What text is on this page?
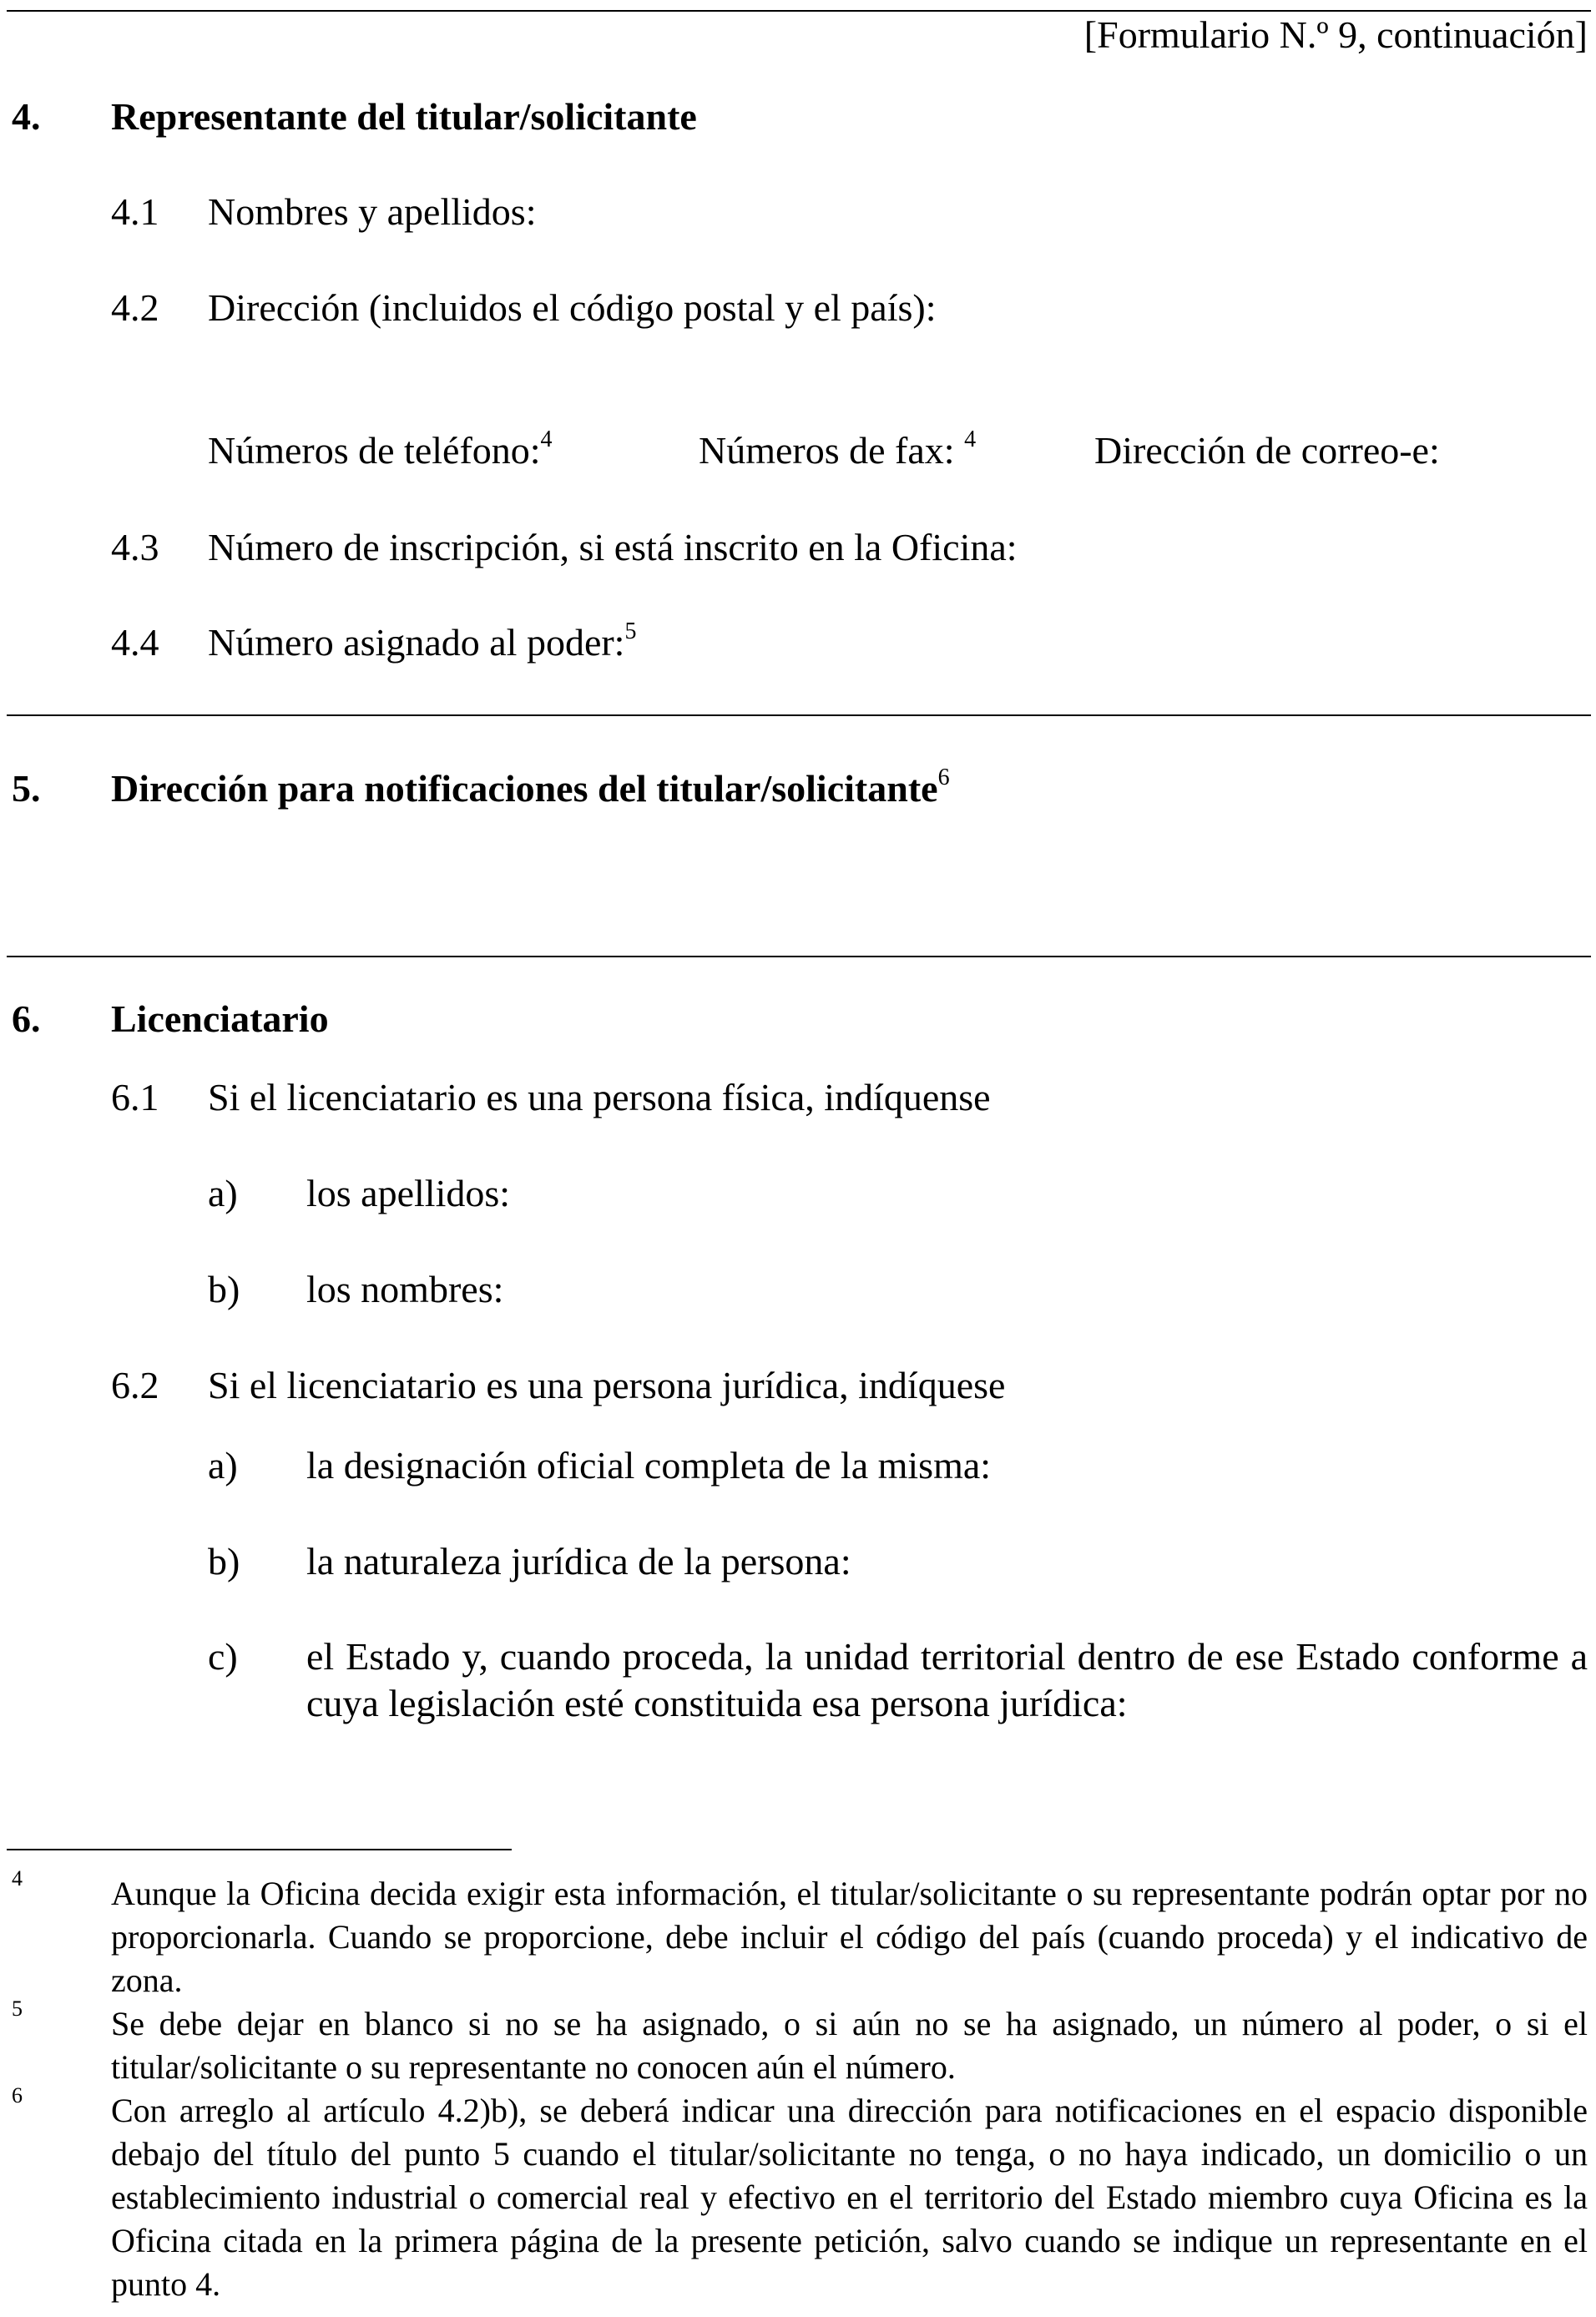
[Formulario N.º 9, continuación]
4. Representante del titular/solicitante
4.1 Nombres y apellidos:
4.2 Dirección (incluidos el código postal y el país):
Números de teléfono:$^4$	Números de fax: $^4$	Dirección de correo-e:
4.3 Número de inscripción, si está inscrito en la Oficina:
4.4 Número asignado al poder:$^5$
5. Dirección para notificaciones del titular/solicitante$^6$
6. Licenciatario
6.1 Si el licenciatario es una persona física, indíquense
a) los apellidos:
b) los nombres:
6.2 Si el licenciatario es una persona jurídica, indíquese
a) la designación oficial completa de la misma:
b) la naturaleza jurídica de la persona:
c) el Estado y, cuando proceda, la unidad territorial dentro de ese Estado conforme a cuya legislación esté constituida esa persona jurídica:
4	Aunque la Oficina decida exigir esta información, el titular/solicitante o su representante podrán optar por no proporcionarla. Cuando se proporcione, debe incluir el código del país (cuando proceda) y el indicativo de zona.
5	Se debe dejar en blanco si no se ha asignado, o si aún no se ha asignado, un número al poder, o si el titular/solicitante o su representante no conocen aún el número.
6	Con arreglo al artículo 4.2)b), se deberá indicar una dirección para notificaciones en el espacio disponible debajo del título del punto 5 cuando el titular/solicitante no tenga, o no haya indicado, un domicilio o un establecimiento industrial o comercial real y efectivo en el territorio del Estado miembro cuya Oficina es la Oficina citada en la primera página de la presente petición, salvo cuando se indique un representante en el punto 4.
